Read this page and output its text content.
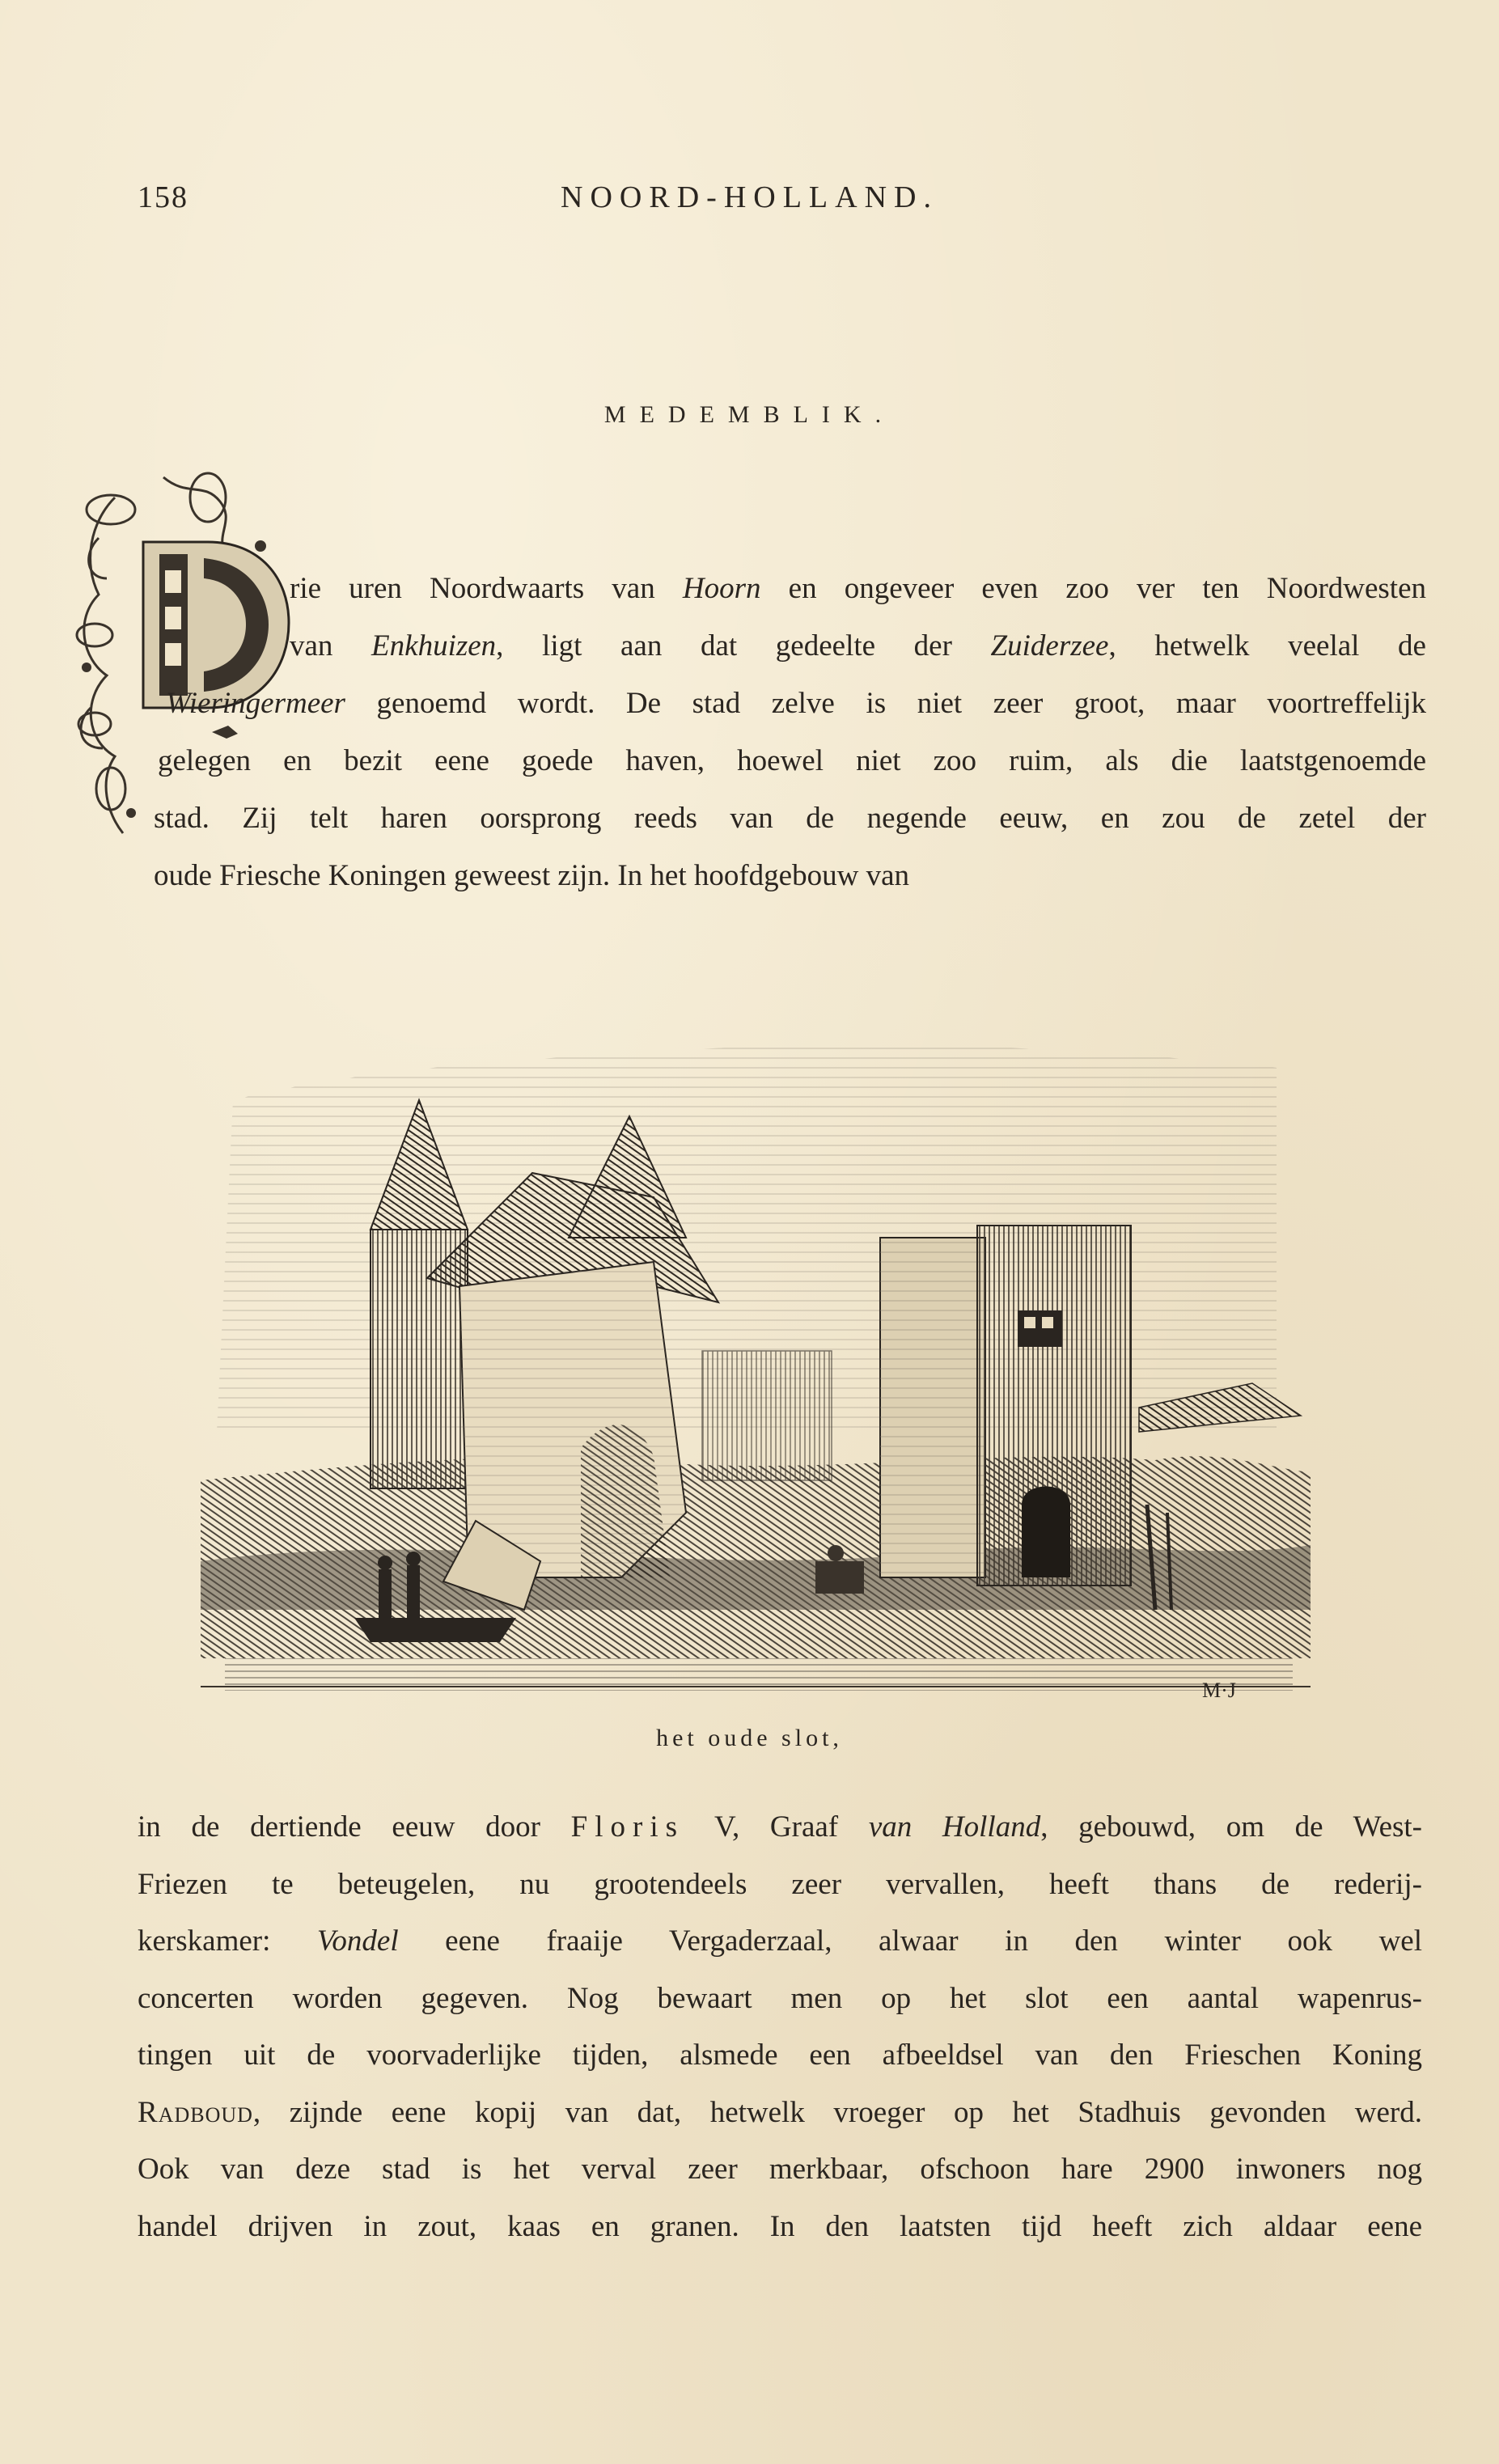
158	NOORD-HOLLAND.
MEDEMBLIK.
rie uren Noordwaarts van Hoorn en ongeveer even zoo ver ten Noordwesten
van Enkhuizen, ligt aan dat gedeelte der Zuiderzee, hetwelk veelal de
Wieringermeer genoemd wordt. De stad zelve is niet zeer groot, maar voortreffelijk
gelegen en bezit eene goede haven, hoewel niet zoo ruim, als die laatstgenoemde
stad. Zij telt haren oorsprong reeds van de negende eeuw, en zou de zetel der
oude Friesche Koningen geweest zijn. In het hoofdgebouw van
M·J
het oude slot,
in de dertiende eeuw door Floris V, Graaf van Holland, gebouwd, om de West-
Friezen te beteugelen, nu grootendeels zeer vervallen, heeft thans de rederij-
kerskamer: Vondel eene fraaije Vergaderzaal, alwaar in den winter ook wel
concerten worden gegeven. Nog bewaart men op het slot een aantal wapenrus-
tingen uit de voorvaderlijke tijden, alsmede een afbeeldsel van den Frieschen Koning
Radboud, zijnde eene kopij van dat, hetwelk vroeger op het Stadhuis gevonden werd.
Ook van deze stad is het verval zeer merkbaar, ofschoon hare 2900 inwoners nog
handel drijven in zout, kaas en granen. In den laatsten tijd heeft zich aldaar eene
